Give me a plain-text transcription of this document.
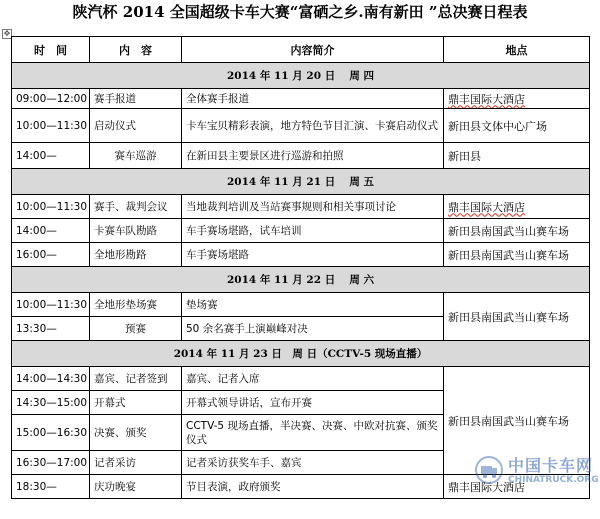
陕汽杯 2014 全国超级卡车大赛“富硒之乡.南有新田 ”总决赛日程表
✥
时　间	内　容	内容简介	地点
2014 年 11 月 20 日　 周 四			
09:00—12:00	赛手报道	全体赛手报道	鼎丰国际大酒店
10:00—11:30	启动仪式	卡车宝贝精彩表演，地方特色节目汇演、卡赛启动仪式	新田县文体中心广场
14:00—	赛车巡游	在新田县主要景区进行巡游和拍照	新田县
2014 年 11 月 21 日　 周 五			
10:00—11:30	赛手、裁判会议	当地裁判培训及当站赛事规则和相关事项讨论	鼎丰国际大酒店
14:00—	卡赛车队勘路	车手赛场堪路，试车培训	新田县南国武当山赛车场
16:00—	全地形勘路	车手赛场堪路	新田县南国武当山赛车场
2014 年 11 月 22 日　 周 六			
10:00—11:30	全地形垫场赛	垫场赛	新田县南国武当山赛车场
13:30—	预赛	50 余名赛手上演巅峰对决	
2014 年 11 月 23 日　周 日（CCTV-5 现场直播）			
14:00—14:30	嘉宾、记者签到	嘉宾、记者入席	新田县南国武当山赛车场
14:30—15:00	开幕式	开幕式领导讲话，宣布开赛	
15:00—16:30	决赛、颁奖	CCTV-5 现场直播，半决赛、决赛、中欧对抗赛、颁奖仪式	
16:30—17:00	记者采访	记者采访获奖车手、嘉宾	
18:30—	庆功晚宴	节目表演，政府颁奖	鼎丰国际大酒店
中国卡车网
CHINATRUCK.ORG
